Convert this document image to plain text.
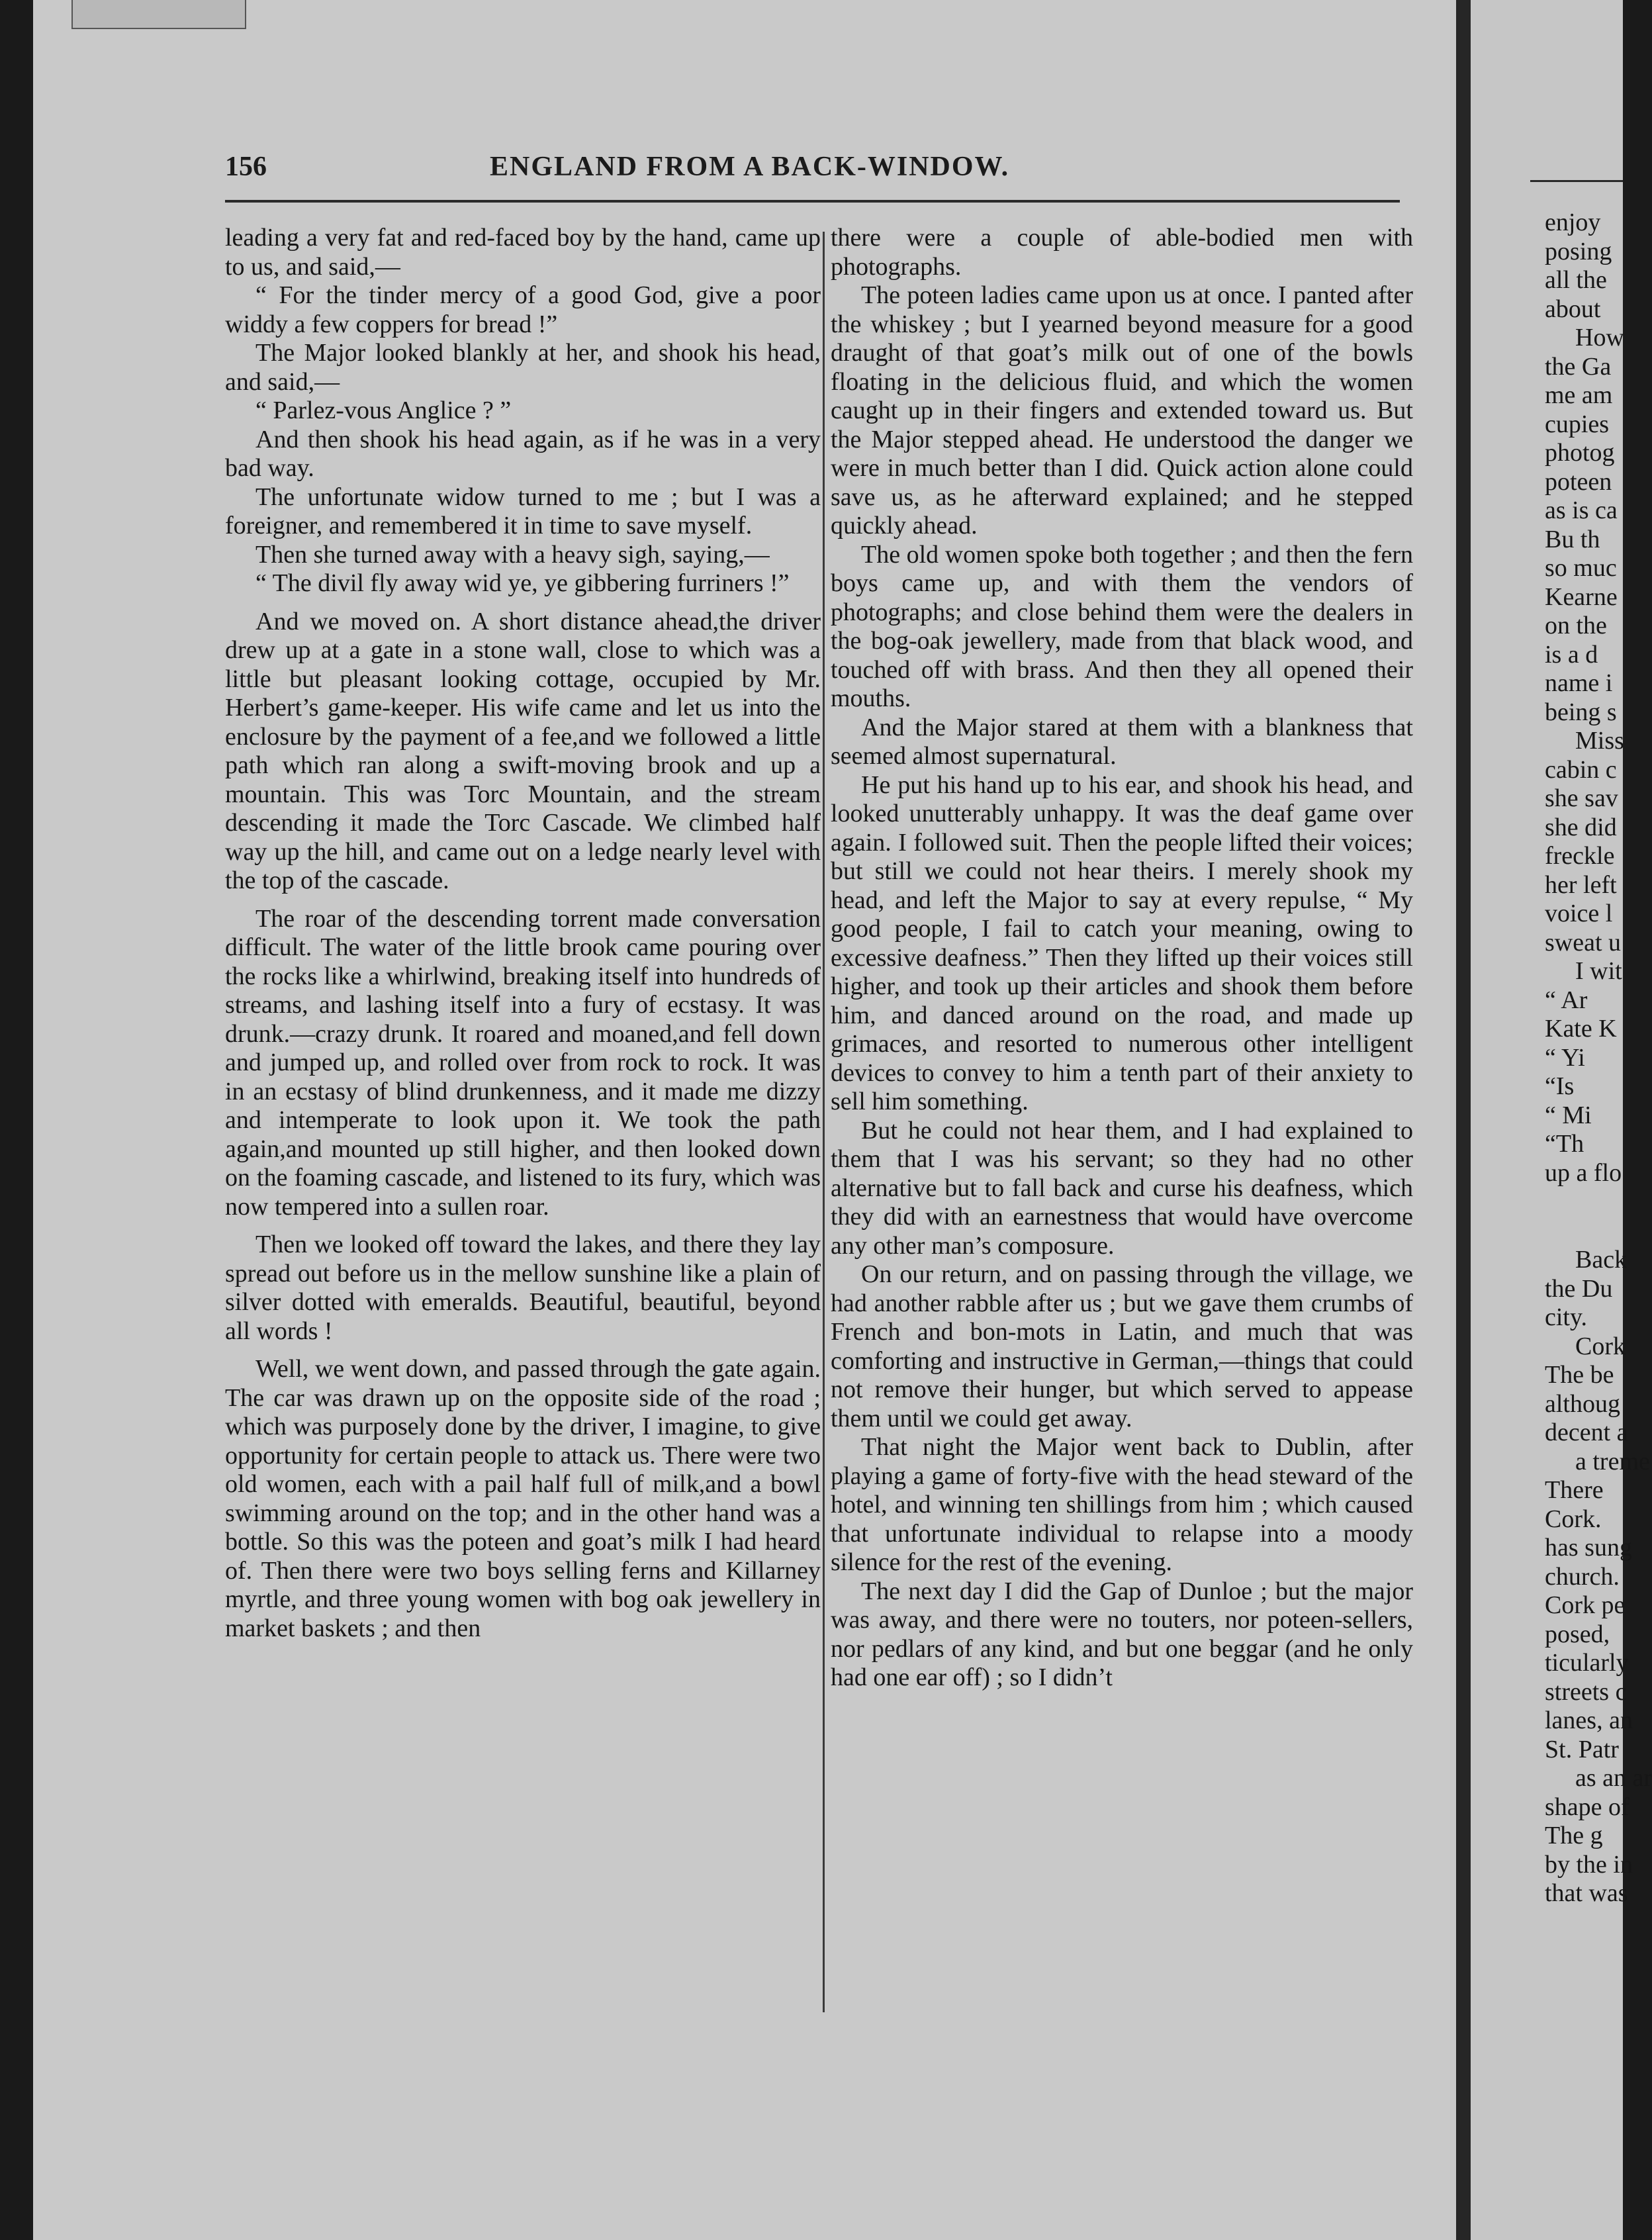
156	ENGLAND FROM A BACK-WINDOW.

leading a very fat and red-faced boy by the hand, came up to us, and said,—

“ For the tinder mercy of a good God, give a poor widdy a few coppers for bread !”

The Major looked blankly at her, and shook his head, and said,—

“ Parlez-vous Anglice ? ”

And then shook his head again, as if he was in a very bad way.

The unfortunate widow turned to me ; but I was a foreigner, and remembered it in time to save myself.

Then she turned away with a heavy sigh, saying,—

“ The divil fly away wid ye, ye gibbering furriners !”

And we moved on. A short distance ahead,the driver drew up at a gate in a stone wall, close to which was a little but pleasant looking cottage, occupied by Mr. Herbert’s game-keeper. His wife came and let us into the enclosure by the payment of a fee,and we followed a little path which ran along a swift-moving brook and up a mountain. This was Torc Mountain, and the stream descending it made the Torc Cascade. We climbed half way up the hill, and came out on a ledge nearly level with the top of the cascade.

The roar of the descending torrent made conversation difficult. The water of the little brook came pouring over the rocks like a whirlwind, breaking itself into hundreds of streams, and lashing itself into a fury of ecstasy. It was drunk.—crazy drunk. It roared and moaned,and fell down and jumped up, and rolled over from rock to rock. It was in an ecstasy of blind drunkenness, and it made me dizzy and intemperate to look upon it. We took the path again,and mounted up still higher, and then looked down on the foaming cascade, and listened to its fury, which was now tempered into a sullen roar.

Then we looked off toward the lakes, and there they lay spread out before us in the mellow sunshine like a plain of silver dotted with emeralds. Beautiful, beautiful, beyond all words !

Well, we went down, and passed through the gate again. The car was drawn up on the opposite side of the road ; which was purposely done by the driver, I imagine, to give opportunity for certain people to attack us. There were two old women, each with a pail half full of milk,and a bowl swimming around on the top; and in the other hand was a bottle. So this was the poteen and goat’s milk I had heard of. Then there were two boys selling ferns and Killarney myrtle, and three young women with bog oak jewellery in market baskets ; and then

there were a couple of able-bodied men with photographs.

The poteen ladies came upon us at once. I panted after the whiskey ; but I yearned beyond measure for a good draught of that goat’s milk out of one of the bowls floating in the delicious fluid, and which the women caught up in their fingers and extended toward us. But the Major stepped ahead. He understood the danger we were in much better than I did. Quick action alone could save us, as he afterward explained; and he stepped quickly ahead.

The old women spoke both together ; and then the fern boys came up, and with them the vendors of photographs; and close behind them were the dealers in the bog-oak jewellery, made from that black wood, and touched off with brass. And then they all opened their mouths.

And the Major stared at them with a blankness that seemed almost supernatural.

He put his hand up to his ear, and shook his head, and looked unutterably unhappy. It was the deaf game over again. I followed suit. Then the people lifted their voices; but still we could not hear theirs. I merely shook my head, and left the Major to say at every repulse, “ My good people, I fail to catch your meaning, owing to excessive deafness.” Then they lifted up their voices still higher, and took up their articles and shook them before him, and danced around on the road, and made up grimaces, and resorted to numerous other intelligent devices to convey to him a tenth part of their anxiety to sell him something.

But he could not hear them, and I had explained to them that I was his servant; so they had no other alternative but to fall back and curse his deafness, which they did with an earnestness that would have overcome any other man’s composure.

On our return, and on passing through the village, we had another rabble after us ; but we gave them crumbs of French and bon-mots in Latin, and much that was comforting and instructive in German,—things that could not remove their hunger, but which served to appease them until we could get away.

That night the Major went back to Dublin, after playing a game of forty-five with the head steward of the hotel, and winning ten shillings from him ; which caused that unfortunate individual to relapse into a moody silence for the rest of the evening.

The next day I did the Gap of Dunloe ; but the major was away, and there were no touters, nor poteen-sellers, nor pedlars of any kind, and but one beggar (and he only had one ear off) ; so I didn’t

enjoy
posing
all the
about
How
the Ga
me am
cupies
photog
poteen
as is ca
Bu th
so muc
Kearne
on the
is a d
name i
being s
Miss
cabin c
she sav
she did
freckle
her left
voice l
sweat u
I wit
“ Ar
Kate K
“ Yi
“Is
“ Mi
“Th
up a flo
Back
the Du
city.
Cork
The be
althoug
decent a
a treme
There
Cork.
has sung
church.
Cork pe
posed,
ticularly
streets c
lanes, an
St. Patr
as an ar
shape of
The g
by the in
that was
